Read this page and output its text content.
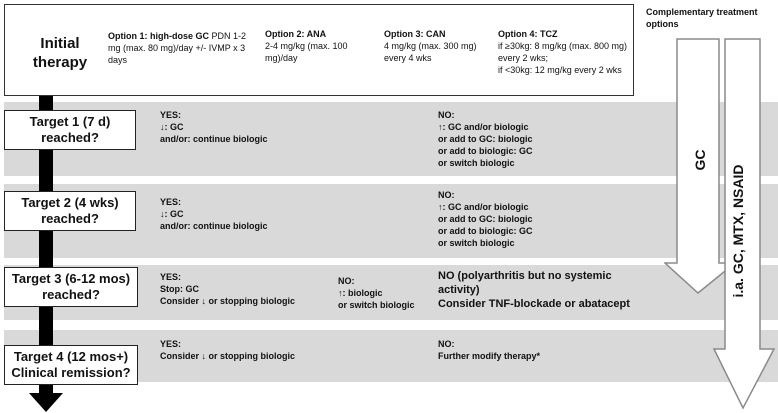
Initial
therapy
Option 1: high-dose GC PDN 1-2 mg (max. 80 mg)/day +/- IVMP x 3 days
Option 2: ANA
2-4 mg/kg (max. 100 mg)/day
Option 3: CAN
4 mg/kg (max. 300 mg) every 4 wks
Option 4: TCZ
if ≥30kg: 8 mg/kg (max. 800 mg) every 2 wks;
if <30kg: 12 mg/kg every 2 wks
Complementary treatment options
Target 1 (7 d)
reached?
Target 2 (4 wks)
reached?
Target 3 (6-12 mos)
reached?
Target 4 (12 mos+)
Clinical remission?
YES:
↓: GC
and/or: continue biologic
NO:
↑: GC and/or biologic
or add to GC: biologic
or add to biologic: GC
or switch biologic
YES:
↓: GC
and/or: continue biologic
NO:
↑: GC and/or biologic
or add to GC: biologic
or add to biologic: GC
or switch biologic
YES:
Stop: GC
Consider ↓ or stopping biologic
NO:
↑: biologic
or switch biologic
NO (polyarthritis but no systemic
activity)
Consider TNF-blockade or abatacept
YES:
Consider ↓ or stopping biologic
NO:
Further modify therapy*
GC
i.a. GC, MTX, NSAID
